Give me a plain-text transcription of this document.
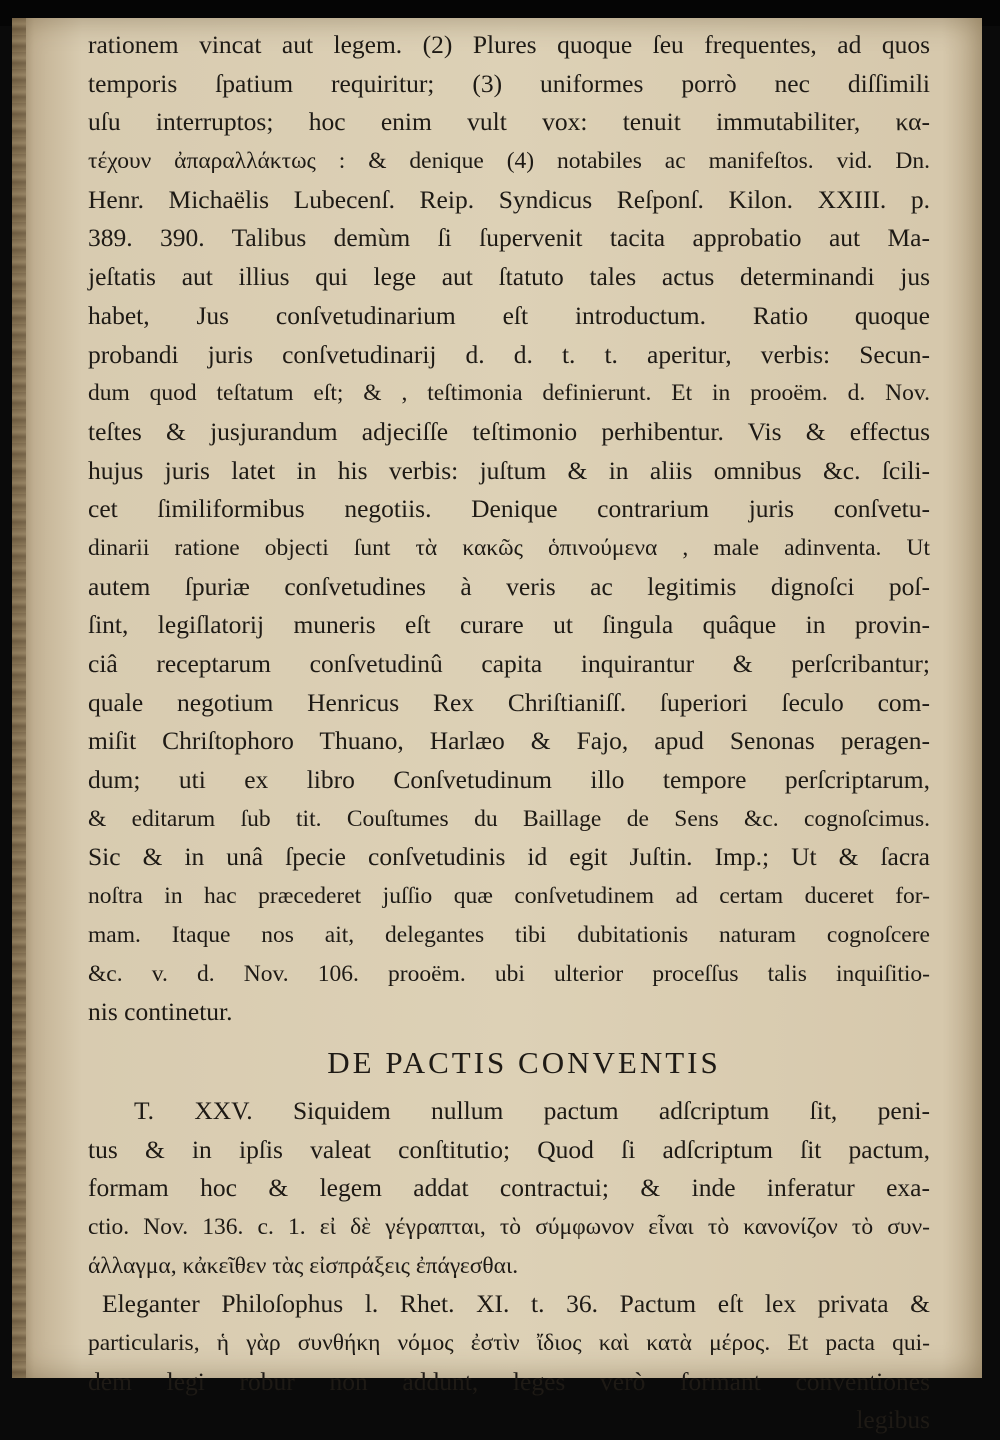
rationem vincat aut legem. (2) Plures quoque ſeu frequentes, ad quos
temporis ſpatium requiritur; (3) uniformes porrò nec diſſimili
uſu interruptos; hoc enim vult vox: tenuit immutabiliter, κα-
τέχουν ἀπαραλλάκτως : & denique (4) notabiles ac manifeſtos. vid. Dn.
Henr. Michaëlis Lubecenſ. Reip. Syndicus Reſponſ. Kilon. XXIII. p.
389. 390. Talibus demùm ſi ſupervenit tacita approbatio aut Ma-
jeſtatis aut illius qui lege aut ſtatuto tales actus determinandi jus
habet, Jus conſvetudinarium eſt introductum. Ratio quoque
probandi juris conſvetudinarij d. d. t. t. aperitur, verbis: Secun-
dum quod teſtatum eſt; & , teſtimonia definierunt. Et in prooëm. d. Nov.
teſtes & jusjurandum adjeciſſe teſtimonio perhibentur. Vis & effectus
hujus juris latet in his verbis: juſtum & in aliis omnibus &c. ſcili-
cet ſimiliformibus negotiis. Denique contrarium juris conſvetu-
dinarii ratione objecti ſunt τὰ κακῶς ὁπινούμενα , male adinventa. Ut
autem ſpuriæ conſvetudines à veris ac legitimis dignoſci poſ-
ſint, legiſlatorij muneris eſt curare ut ſingula quâque in provin-
ciâ receptarum conſvetudinû capita inquirantur & perſcribantur;
quale negotium Henricus Rex Chriſtianiſſ. ſuperiori ſeculo com-
miſit Chriſtophoro Thuano, Harlæo & Fajo, apud Senonas peragen-
dum; uti ex libro Conſvetudinum illo tempore perſcriptarum,
& editarum ſub tit. Couſtumes du Baillage de Sens &c. cognoſcimus.
Sic & in unâ ſpecie conſvetudinis id egit Juſtin. Imp.; Ut & ſacra
noſtra in hac præcederet juſſio quæ conſvetudinem ad certam duceret for-
mam. Itaque nos ait, delegantes tibi dubitationis naturam cognoſcere
&c. v. d. Nov. 106. prooëm. ubi ulterior proceſſus talis inquiſitio-
nis continetur.
DE PACTIS CONVENTIS
T. XXV. Siquidem nullum pactum adſcriptum ſit, peni-
tus & in ipſis valeat conſtitutio; Quod ſi adſcriptum ſit pactum,
formam hoc & legem addat contractui; & inde inferatur exa-
ctio. Nov. 136. c. 1. εἰ δὲ γέγραπται, τὸ σύμφωνον εἶναι τὸ κανονίζον τὸ συν-
άλλαγμα, κἀκεῖθεν τὰς εἰσπράξεις ἐπάγεσθαι.
Eleganter Philoſophus l. Rhet. XI. t. 36. Pactum eſt lex privata &
particularis, ἡ γὰρ συνθήκη νόμος ἐστὶν ἴδιος καὶ κατὰ μέρος. Et pacta qui-
dem legi robur non addunt, leges verò formant conventiones
legibus
